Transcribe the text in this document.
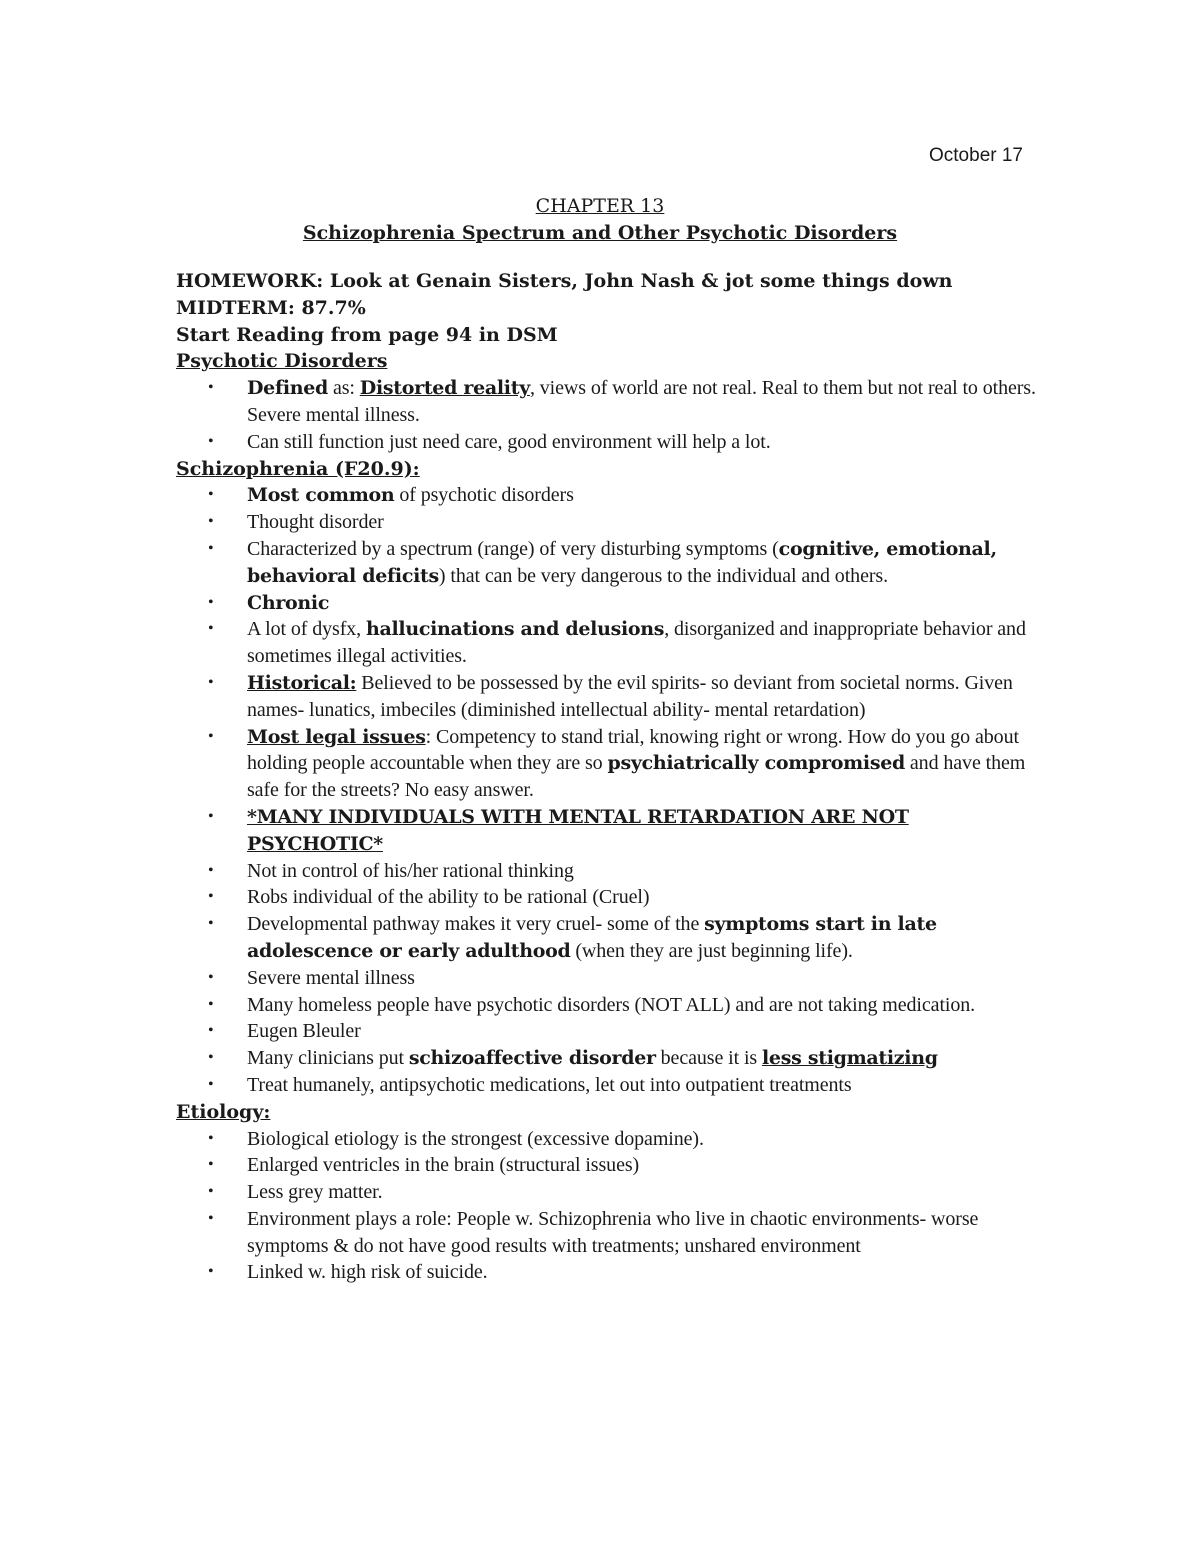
October 17
CHAPTER 13
Schizophrenia Spectrum and Other Psychotic Disorders
HOMEWORK: Look at Genain Sisters, John Nash & jot some things down
MIDTERM: 87.7%
Start Reading from page 94 in DSM
Psychotic Disorders
• Defined as: Distorted reality, views of world are not real. Real to them but not real to others. Severe mental illness.
• Can still function just need care, good environment will help a lot.
Schizophrenia (F20.9):
• Most common of psychotic disorders
• Thought disorder
• Characterized by a spectrum (range) of very disturbing symptoms (cognitive, emotional, behavioral deficits) that can be very dangerous to the individual and others.
• Chronic
• A lot of dysfx, hallucinations and delusions, disorganized and inappropriate behavior and sometimes illegal activities.
• Historical: Believed to be possessed by the evil spirits- so deviant from societal norms. Given names- lunatics, imbeciles (diminished intellectual ability- mental retardation)
• Most legal issues: Competency to stand trial, knowing right or wrong. How do you go about holding people accountable when they are so psychiatrically compromised and have them safe for the streets? No easy answer.
• *MANY INDIVIDUALS WITH MENTAL RETARDATION ARE NOT PSYCHOTIC*
• Not in control of his/her rational thinking
• Robs individual of the ability to be rational (Cruel)
• Developmental pathway makes it very cruel- some of the symptoms start in late adolescence or early adulthood (when they are just beginning life).
• Severe mental illness
• Many homeless people have psychotic disorders (NOT ALL) and are not taking medication.
• Eugen Bleuler
• Many clinicians put schizoaffective disorder because it is less stigmatizing
• Treat humanely, antipsychotic medications, let out into outpatient treatments
Etiology:
• Biological etiology is the strongest (excessive dopamine).
• Enlarged ventricles in the brain (structural issues)
• Less grey matter.
• Environment plays a role: People w. Schizophrenia who live in chaotic environments- worse symptoms & do not have good results with treatments; unshared environment
• Linked w. high risk of suicide.
